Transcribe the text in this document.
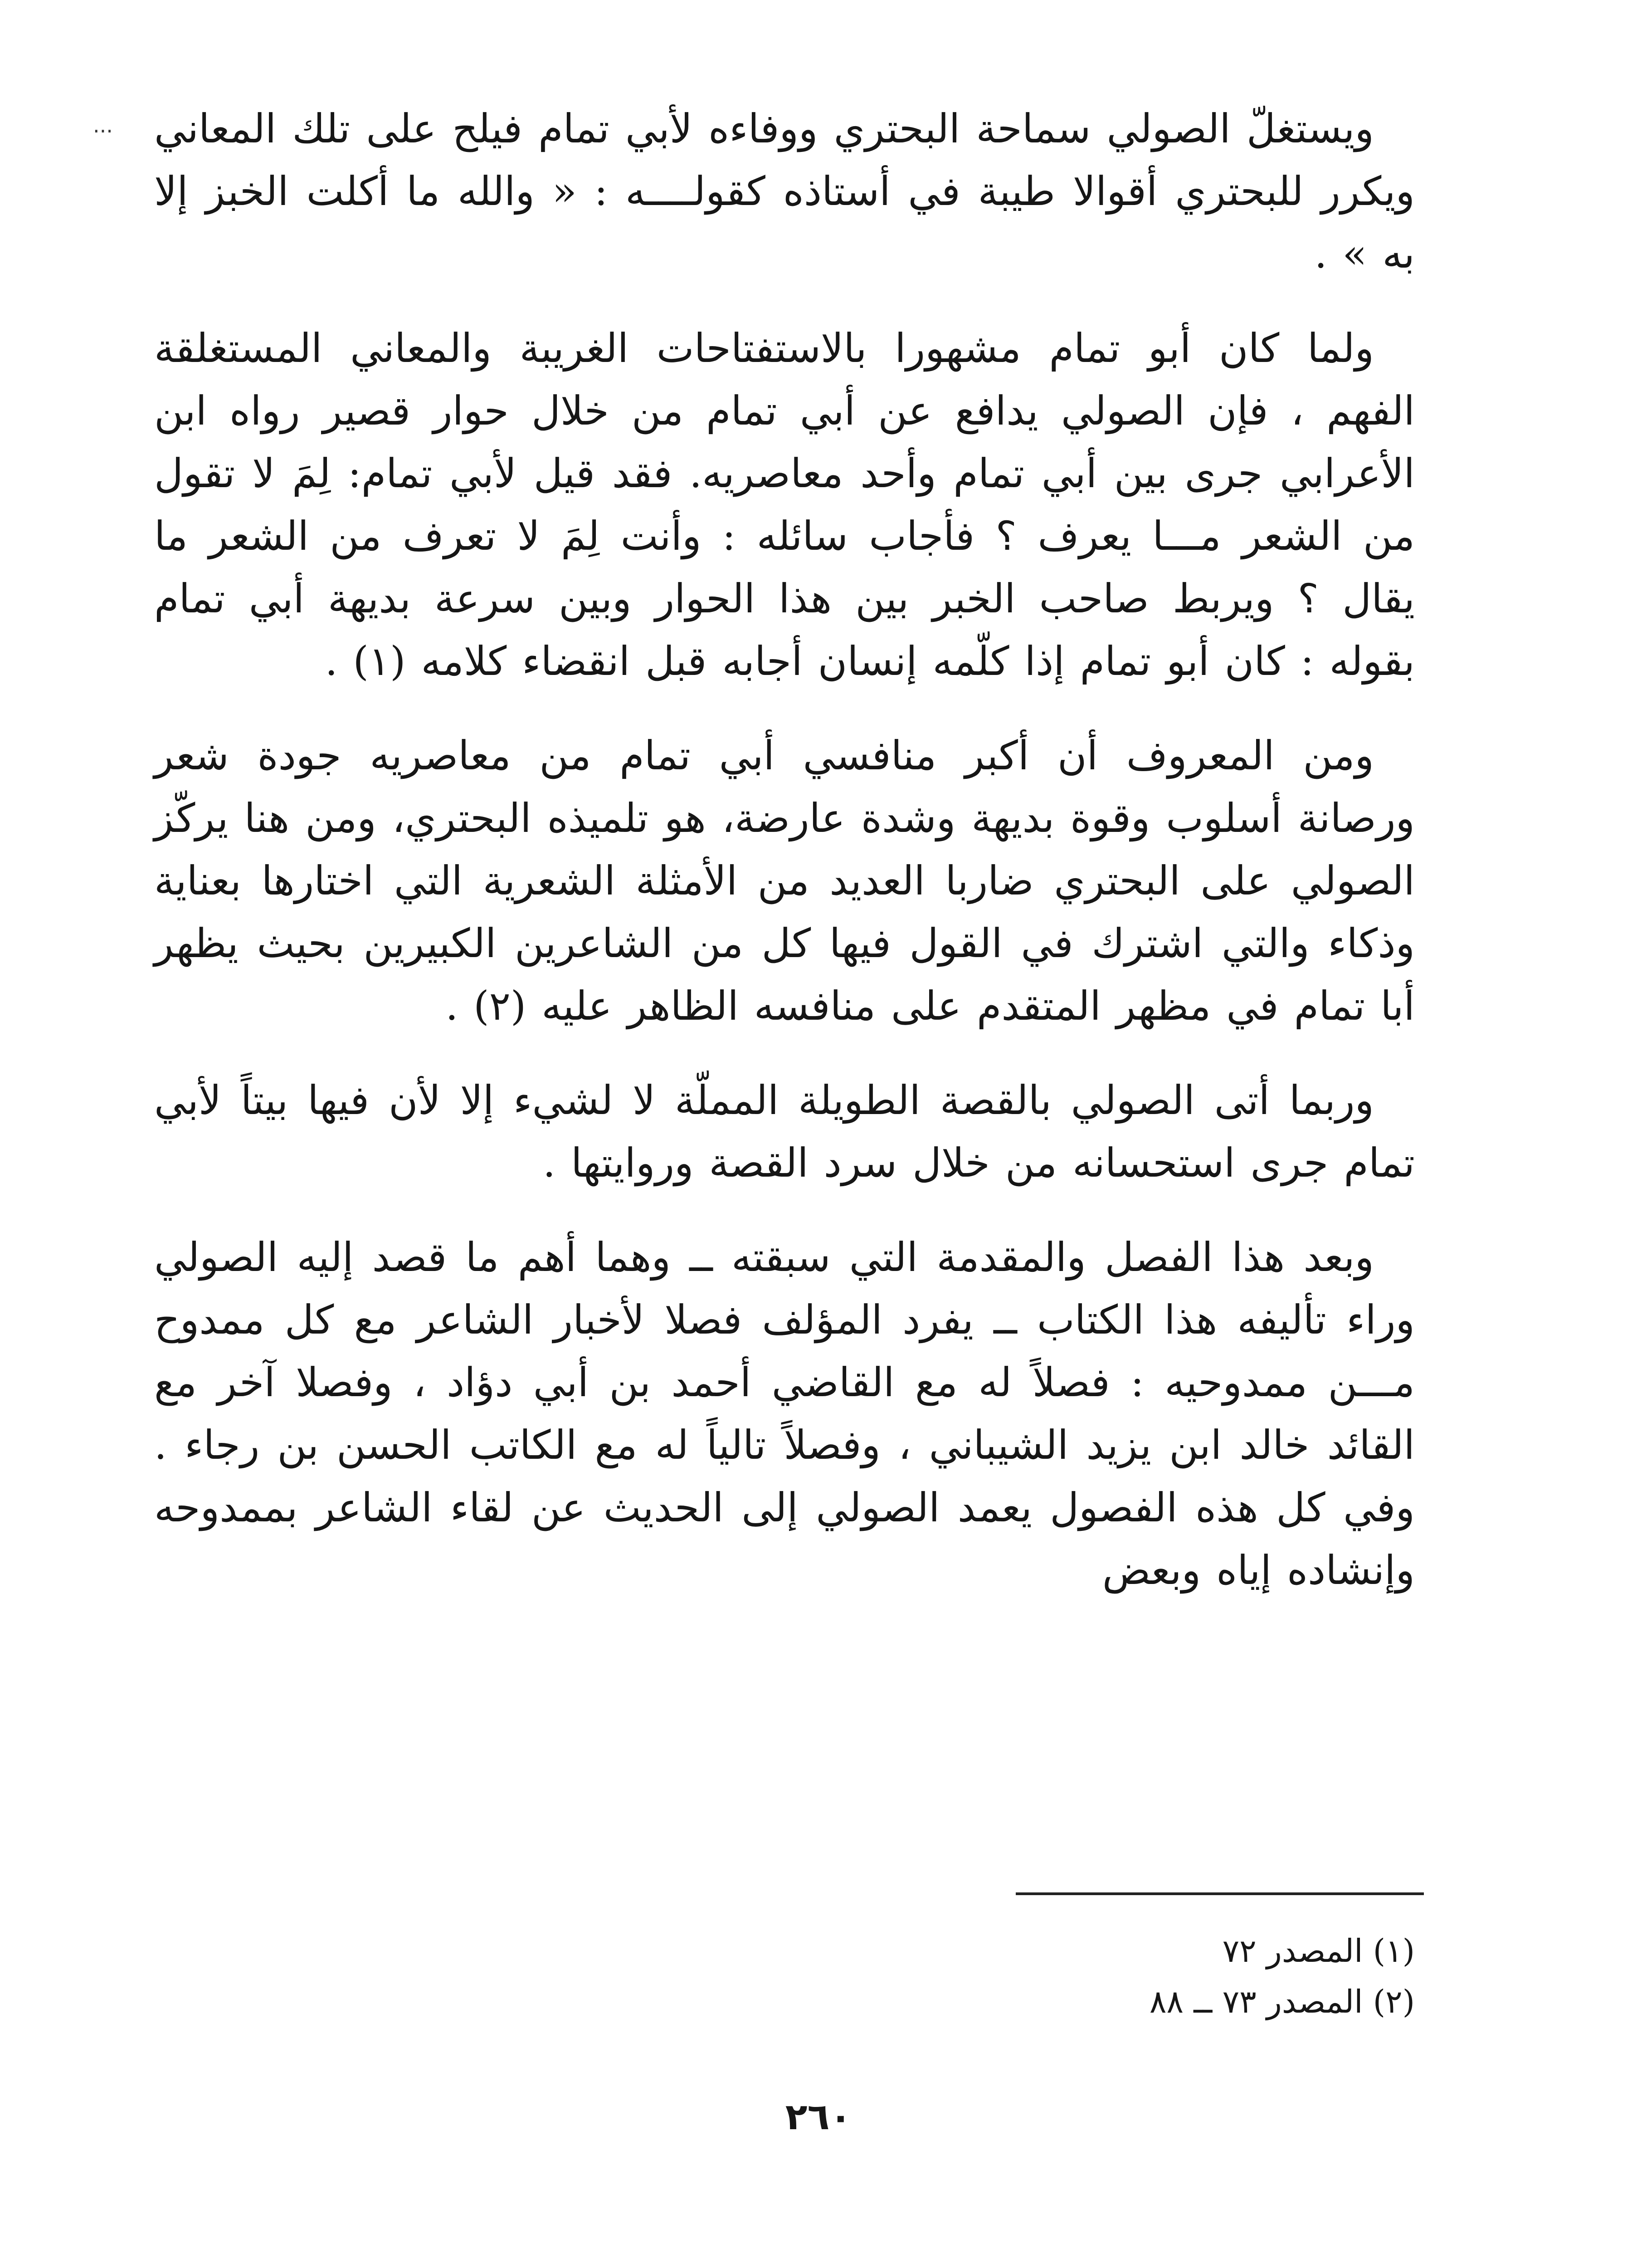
··· ويستغلّ الصولي سماحة البحتري ووفاءه لأبي تمام فيلح على تلك المعاني ويكرر للبحتري أقوالا طيبة في أستاذه كقولــــه : « والله ما أكلت الخبز إلا به » .

ولما كان أبو تمام مشهورا بالاستفتاحات الغريبة والمعاني المستغلقة الفهم ، فإن الصولي يدافع عن أبي تمام من خلال حوار قصير رواه ابن الأعرابي جرى بين أبي تمام وأحد معاصريه. فقد قيل لأبي تمام: لِمَ لا تقول من الشعر مـــا يعرف ؟ فأجاب سائله : وأنت لِمَ لا تعرف من الشعر ما يقال ؟ ويربط صاحب الخبر بين هذا الحوار وبين سرعة بديهة أبي تمام بقوله : كان أبو تمام إذا كلّمه إنسان أجابه قبل انقضاء كلامه (١) .

ومن المعروف أن أكبر منافسي أبي تمام من معاصريه جودة شعر ورصانة أسلوب وقوة بديهة وشدة عارضة، هو تلميذه البحتري، ومن هنا يركّز الصولي على البحتري ضاربا العديد من الأمثلة الشعرية التي اختارها بعناية وذكاء والتي اشترك في القول فيها كل من الشاعرين الكبيرين بحيث يظهر أبا تمام في مظهر المتقدم على منافسه الظاهر عليه (٢) .

وربما أتى الصولي بالقصة الطويلة المملّة لا لشيء إلا لأن فيها بيتاً لأبي تمام جرى استحسانه من خلال سرد القصة وروايتها .

وبعد هذا الفصل والمقدمة التي سبقته ــ وهما أهم ما قصد إليه الصولي وراء تأليفه هذا الكتاب ــ يفرد المؤلف فصلا لأخبار الشاعر مع كل ممدوح مـــن ممدوحيه : فصلاً له مع القاضي أحمد بن أبي دؤاد ، وفصلا آخر مع القائد خالد ابن يزيد الشيباني ، وفصلاً تالياً له مع الكاتب الحسن بن رجاء . وفي كل هذه الفصول يعمد الصولي إلى الحديث عن لقاء الشاعر بممدوحه وإنشاده إياه وبعض

(١) المصدر ٧٢

(٢) المصدر ٧٣ ــ ٨٨

٢٦٠
